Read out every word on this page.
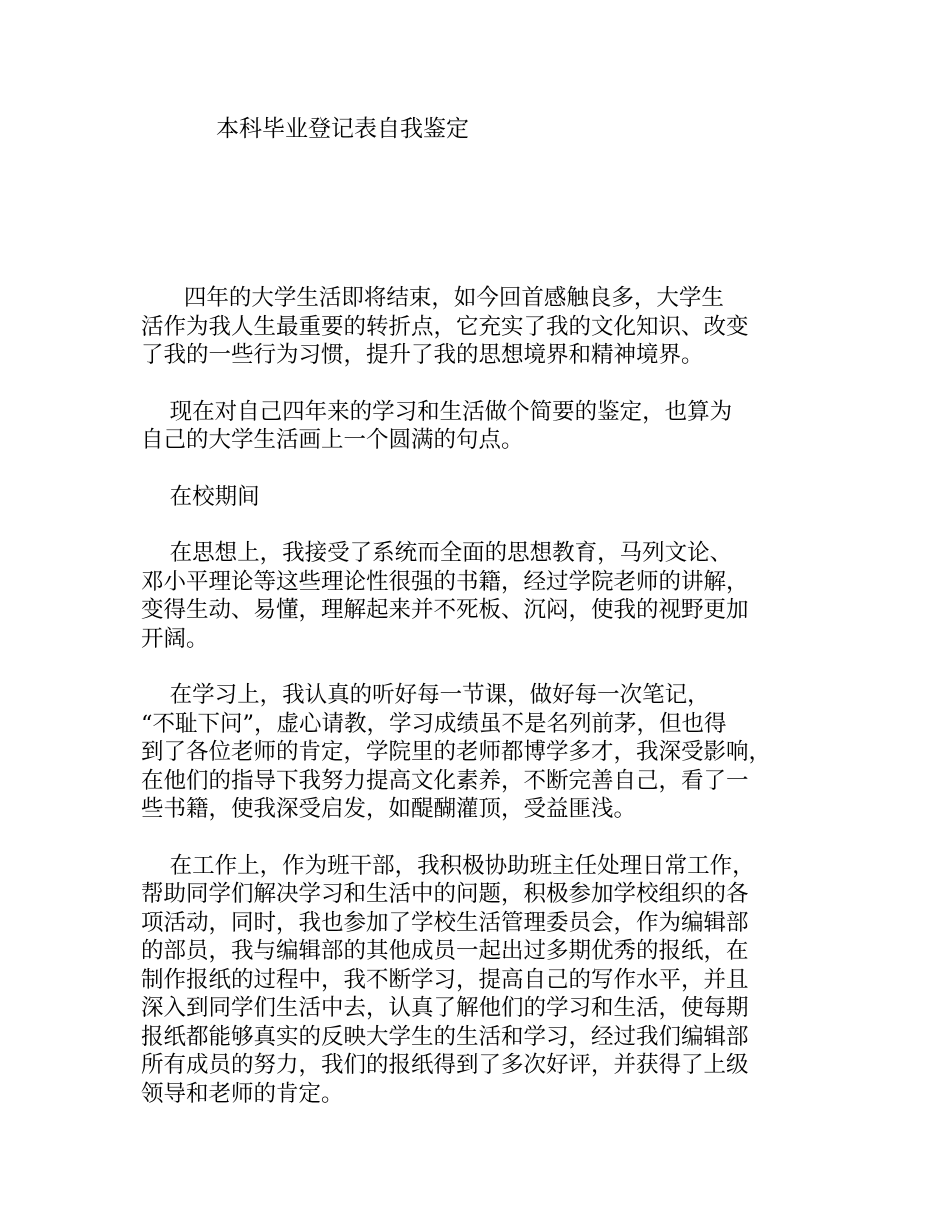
本科毕业登记表自我鉴定

四年的大学生活即将结束，如今回首感触良多，大学生
活作为我人生最重要的转折点，它充实了我的文化知识、改变
了我的一些行为习惯，提升了我的思想境界和精神境界。

现在对自己四年来的学习和生活做个简要的鉴定，也算为
自己的大学生活画上一个圆满的句点。

在校期间

在思想上，我接受了系统而全面的思想教育，马列文论、
邓小平理论等这些理论性很强的书籍，经过学院老师的讲解，
变得生动、易懂，理解起来并不死板、沉闷，使我的视野更加
开阔。

在学习上，我认真的听好每一节课，做好每一次笔记，
“不耻下问”，虚心请教，学习成绩虽不是名列前茅，但也得
到了各位老师的肯定，学院里的老师都博学多才，我深受影响，
在他们的指导下我努力提高文化素养，不断完善自己，看了一
些书籍，使我深受启发，如醍醐灌顶，受益匪浅。

在工作上，作为班干部，我积极协助班主任处理日常工作，
帮助同学们解决学习和生活中的问题，积极参加学校组织的各
项活动，同时，我也参加了学校生活管理委员会，作为编辑部
的部员，我与编辑部的其他成员一起出过多期优秀的报纸，在
制作报纸的过程中，我不断学习，提高自己的写作水平，并且
深入到同学们生活中去，认真了解他们的学习和生活，使每期
报纸都能够真实的反映大学生的生活和学习，经过我们编辑部
所有成员的努力，我们的报纸得到了多次好评，并获得了上级
领导和老师的肯定。
